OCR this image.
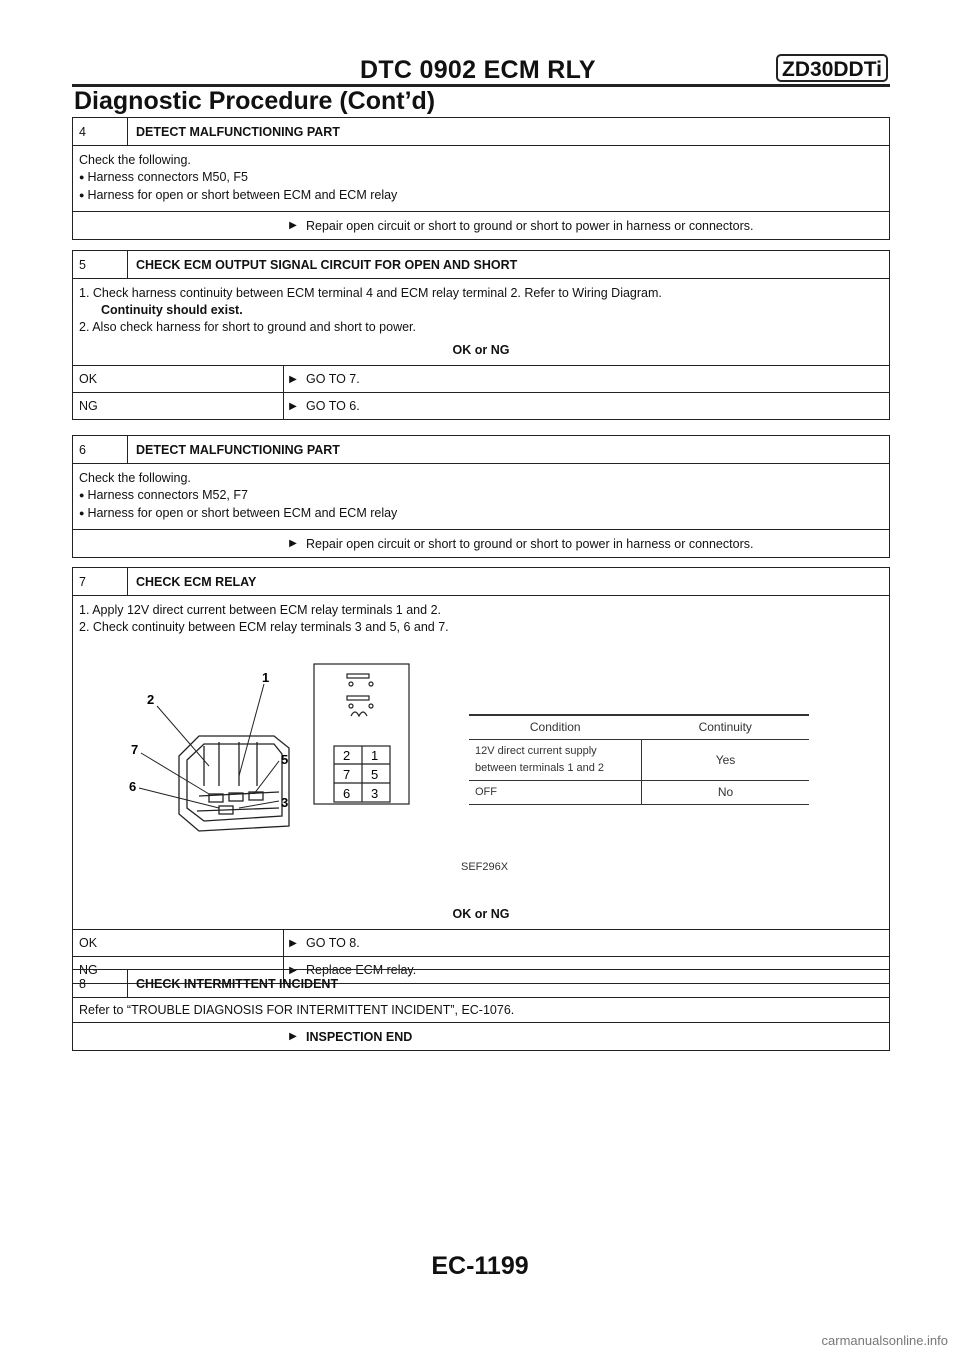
DTC 0902 ECM RLY	ZD30DDTi
Diagnostic Procedure (Cont’d)
4	DETECT MALFUNCTIONING PART
Check the following.
● Harness connectors M50, F5
● Harness for open or short between ECM and ECM relay
▶ Repair open circuit or short to ground or short to power in harness or connectors.
5	CHECK ECM OUTPUT SIGNAL CIRCUIT FOR OPEN AND SHORT
1. Check harness continuity between ECM terminal 4 and ECM relay terminal 2. Refer to Wiring Diagram.
Continuity should exist.
2. Also check harness for short to ground and short to power.
OK or NG
OK	▶ GO TO 7.
NG	▶ GO TO 6.
6	DETECT MALFUNCTIONING PART
Check the following.
● Harness connectors M52, F7
● Harness for open or short between ECM and ECM relay
▶ Repair open circuit or short to ground or short to power in harness or connectors.
7	CHECK ECM RELAY
1. Apply 12V direct current between ECM relay terminals 1 and 2.
2. Check continuity between ECM relay terminals 3 and 5, 6 and 7.
1
2
7
5
6
3
2 1
7 5
6 3
SEF296X
Condition	Continuity
12V direct current supply between terminals 1 and 2	Yes
OFF	No
OK or NG
OK	▶ GO TO 8.
NG	▶ Replace ECM relay.
8	CHECK INTERMITTENT INCIDENT
Refer to “TROUBLE DIAGNOSIS FOR INTERMITTENT INCIDENT”, EC-1076.
▶ INSPECTION END
EC-1199
carmanualsonline.info
